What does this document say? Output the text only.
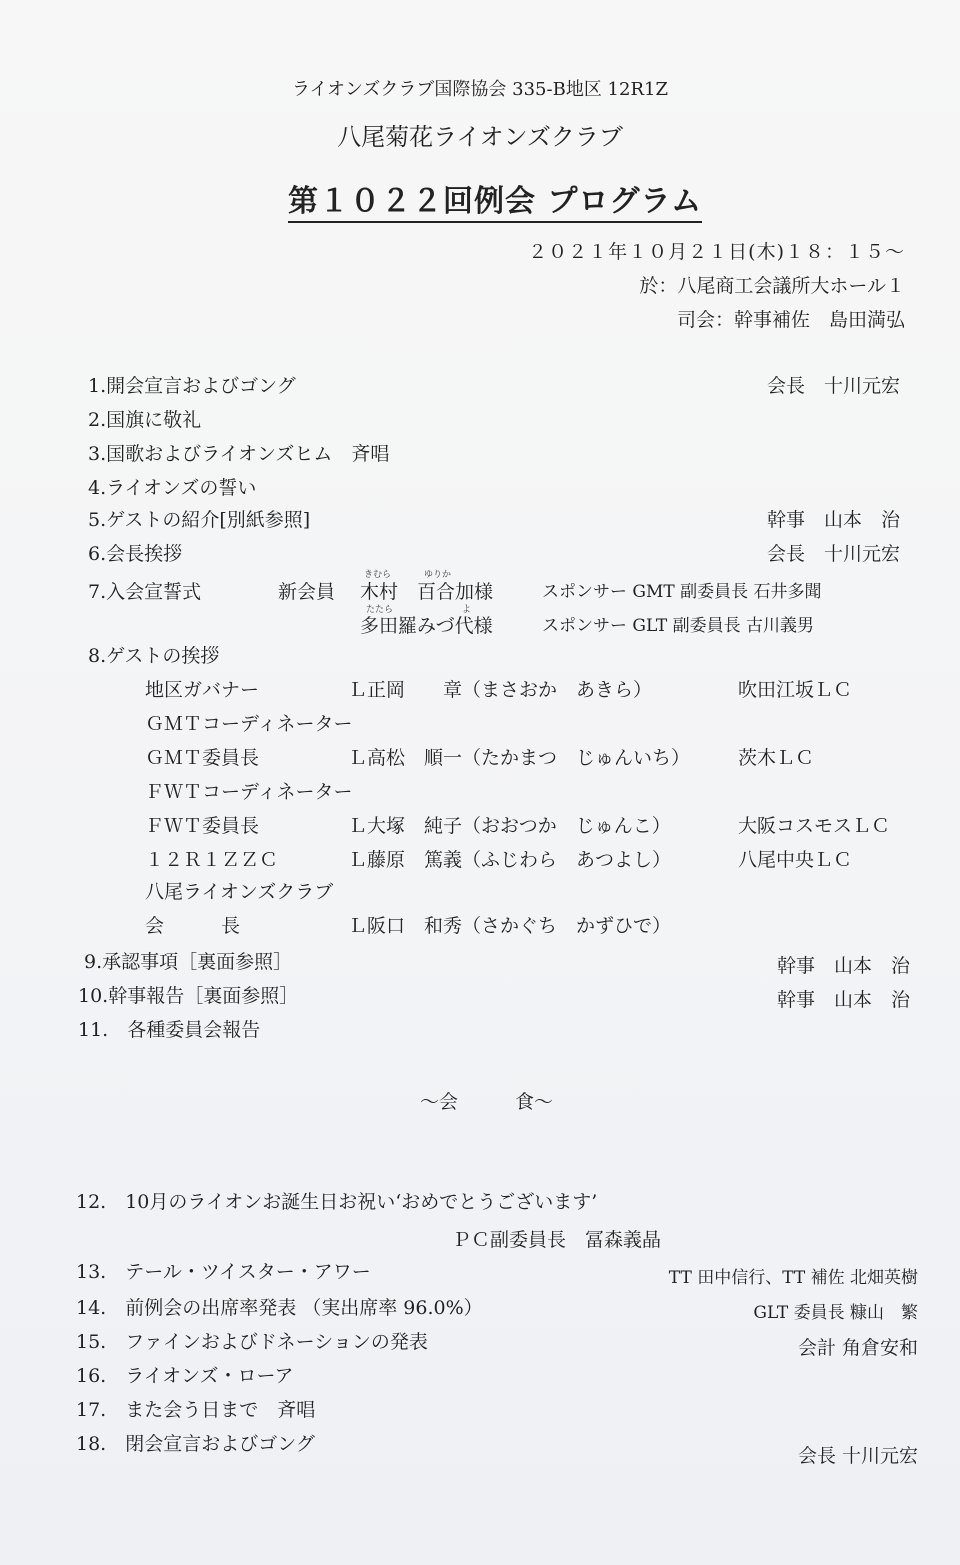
ライオンズクラブ国際協会 335-B地区 12R1Z
八尾菊花ライオンズクラブ
第１０２２回例会 プログラム
２０２１年１０月２１日(木)１８：１５～
於：八尾商工会議所大ホール１
司会：幹事補佐　島田満弘
1.開会宣言およびゴング	会長　十川元宏
2.国旗に敬礼
3.国歌およびライオンズヒム　斉唱
4.ライオンズの誓い
5.ゲストの紹介[別紙参照]	幹事　山本　治
6.会長挨拶	会長　十川元宏
7.入会宣誓式	新会員
きむら	ゆりか
木村　百合加様	スポンサー GMT 副委員長 石井多聞
たたら	よ
多田羅みづ代様	スポンサー GLT 副委員長 古川義男
8.ゲストの挨拶
地区ガバナー	Ｌ正岡　　章（まさおか　あきら）	吹田江坂ＬＣ
ＧＭＴコーディネーター
ＧＭＴ委員長	Ｌ高松　順一（たかまつ　じゅんいち）	茨木ＬＣ
ＦＷＴコーディネーター
ＦＷＴ委員長	Ｌ大塚　純子（おおつか　じゅんこ）	大阪コスモスＬＣ
１２Ｒ１ＺＺＣ	Ｌ藤原　篤義（ふじわら　あつよし）	八尾中央ＬＣ
八尾ライオンズクラブ
会　　　長	Ｌ阪口　和秀（さかぐち　かずひで）
9.承認事項［裏面参照］	幹事　山本　治
10.幹事報告［裏面参照］	幹事　山本　治
11.　各種委員会報告
～会　　　食～
12.　10月のライオンお誕生日お祝い‘おめでとうございます’
ＰＣ副委員長　冨森義晶
13.　テール・ツイスター・アワー	TT 田中信行、TT 補佐 北畑英樹
14.　前例会の出席率発表 （実出席率 96.0%）	GLT 委員長 糠山　繁
15.　ファインおよびドネーションの発表	会計 角倉安和
16.　ライオンズ・ローア
17.　また会う日まで　斉唱
18.　閉会宣言およびゴング
会長 十川元宏
